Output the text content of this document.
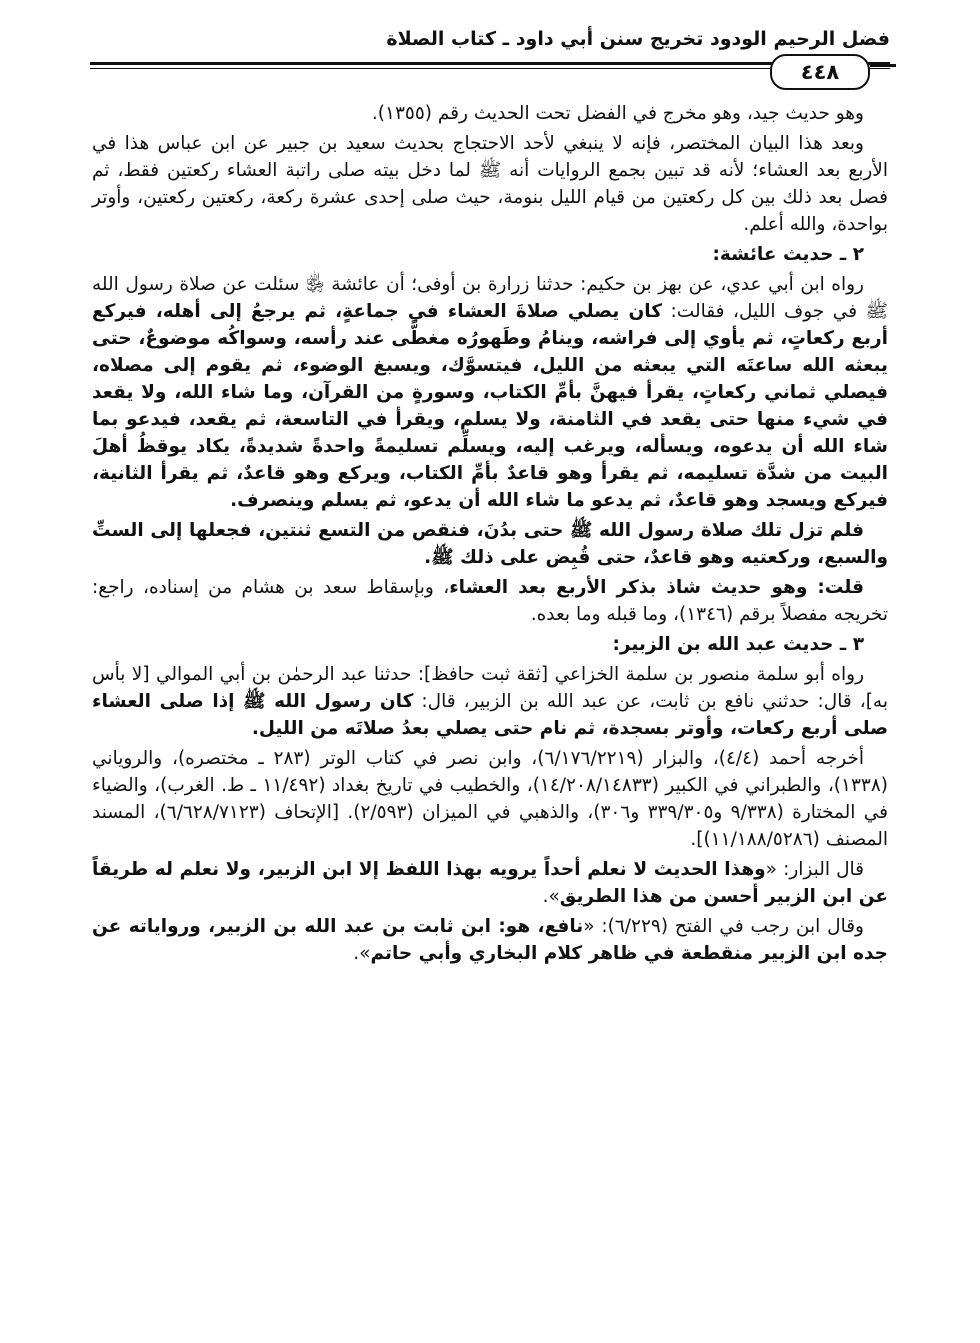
فضل الرحيم الودود تخريج سنن أبي داود ـ كتاب الصلاة
٤٤٨

وهو حديث جيد، وهو مخرج في الفضل تحت الحديث رقم (١٣٥٥).

وبعد هذا البيان المختصر، فإنه لا ينبغي لأحد الاحتجاج بحديث سعيد بن جبير عن ابن عباس هذا في الأربع بعد العشاء؛ لأنه قد تبين بجمع الروايات أنه ﷺ لما دخل بيته صلى راتبة العشاء ركعتين فقط، ثم فصل بعد ذلك بين كل ركعتين من قيام الليل بنومة، حيث صلى إحدى عشرة ركعة، ركعتين ركعتين، وأوتر بواحدة، والله أعلم.

٢ ـ حديث عائشة:

رواه ابن أبي عدي، عن بهز بن حكيم: حدثنا زرارة بن أوفى؛ أن عائشة ﵂ سئلت عن صلاة رسول الله ﷺ في جوف الليل، فقالت: كان يصلي صلاةَ العشاء في جماعةٍ، ثم يرجعُ إلى أهله، فيركع أربع ركعاتٍ، ثم يأوي إلى فراشه، وينامُ وطَهورُه مغطًّى عند رأسه، وسواكُه موضوعٌ، حتى يبعثه الله ساعتَه التي يبعثه من الليل، فيتسوَّك، ويسبغ الوضوء، ثم يقوم إلى مصلاه، فيصلي ثماني ركعاتٍ، يقرأ فيهنَّ بأمِّ الكتاب، وسورةٍ من القرآن، وما شاء الله، ولا يقعد في شيء منها حتى يقعد في الثامنة، ولا يسلم، ويقرأ في التاسعة، ثم يقعد، فيدعو بما شاء الله أن يدعوه، ويسأله، ويرغب إليه، ويسلِّم تسليمةً واحدةً شديدةً، يكاد يوقظُ أهلَ البيت من شدَّة تسليمه، ثم يقرأ وهو قاعدٌ بأمِّ الكتاب، ويركع وهو قاعدٌ، ثم يقرأ الثانية، فيركع ويسجد وهو قاعدٌ، ثم يدعو ما شاء الله أن يدعو، ثم يسلم وينصرف.

فلم تزل تلك صلاة رسول الله ﷺ حتى بدُنَ، فنقص من التسع ثنتين، فجعلها إلى الستِّ والسبع، وركعتيه وهو قاعدٌ، حتى قُبِض على ذلك ﷺ.

قلت: وهو حديث شاذ بذكر الأربع بعد العشاء، وبإسقاط سعد بن هشام من إسناده، راجع: تخريجه مفصلاً برقم (١٣٤٦)، وما قبله وما بعده.

٣ ـ حديث عبد الله بن الزبير:

رواه أبو سلمة منصور بن سلمة الخزاعي [ثقة ثبت حافظ]: حدثنا عبد الرحمٰن بن أبي الموالي [لا بأس به]، قال: حدثني نافع بن ثابت، عن عبد الله بن الزبير، قال: كان رسول الله ﷺ إذا صلى العشاء صلى أربع ركعات، وأوتر بسجدة، ثم نام حتى يصلي بعدُ صلاتَه من الليل.

أخرجه أحمد (٤/٤)، والبزار (٦/١٧٦/٢٢١٩)، وابن نصر في كتاب الوتر (٢٨٣ ـ مختصره)، والروياني (١٣٣٨)، والطبراني في الكبير (١٤/٢٠٨/١٤٨٣٣)، والخطيب في تاريخ بغداد (١١/٤٩٢ ـ ط. الغرب)، والضياء في المختارة (٩/٣٣٨ و٣٣٩/٣٠٥ و٣٠٦)، والذهبي في الميزان (٢/٥٩٣). [الإتحاف (٦/٦٢٨/٧١٢٣)، المسند المصنف (١١/١٨٨/٥٢٨٦)].

قال البزار: «وهذا الحديث لا نعلم أحداً يرويه بهذا اللفظ إلا ابن الزبير، ولا نعلم له طريقاً عن ابن الزبير أحسن من هذا الطريق».

وقال ابن رجب في الفتح (٦/٢٢٩): «نافع، هو: ابن ثابت بن عبد الله بن الزبير، ورواياته عن جده ابن الزبير منقطعة في ظاهر كلام البخاري وأبي حاتم».
